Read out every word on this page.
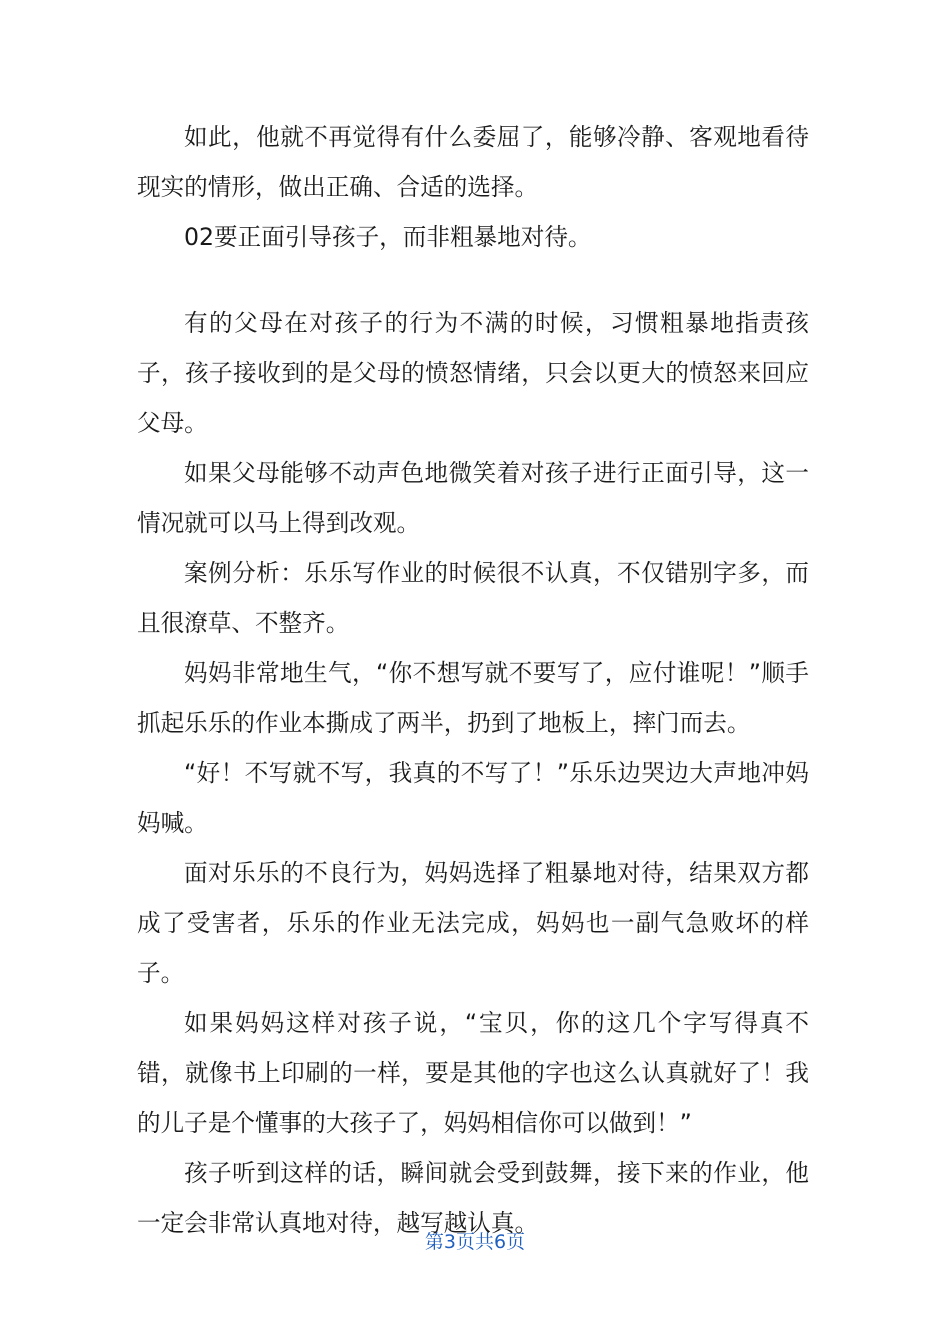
如此，他就不再觉得有什么委屈了，能够冷静、客观地看待现实的情形，做出正确、合适的选择。

02要正面引导孩子，而非粗暴地对待。

有的父母在对孩子的行为不满的时候，习惯粗暴地指责孩子，孩子接收到的是父母的愤怒情绪，只会以更大的愤怒来回应父母。

如果父母能够不动声色地微笑着对孩子进行正面引导，这一情况就可以马上得到改观。

案例分析：乐乐写作业的时候很不认真，不仅错别字多，而且很潦草、不整齐。

妈妈非常地生气，“你不想写就不要写了，应付谁呢！”顺手抓起乐乐的作业本撕成了两半，扔到了地板上，摔门而去。

“好！不写就不写，我真的不写了！”乐乐边哭边大声地冲妈妈喊。

面对乐乐的不良行为，妈妈选择了粗暴地对待，结果双方都成了受害者，乐乐的作业无法完成，妈妈也一副气急败坏的样子。

如果妈妈这样对孩子说，“宝贝，你的这几个字写得真不错，就像书上印刷的一样，要是其他的字也这么认真就好了！我的儿子是个懂事的大孩子了，妈妈相信你可以做到！”

孩子听到这样的话，瞬间就会受到鼓舞，接下来的作业，他一定会非常认真地对待，越写越认真。

第3页共6页
